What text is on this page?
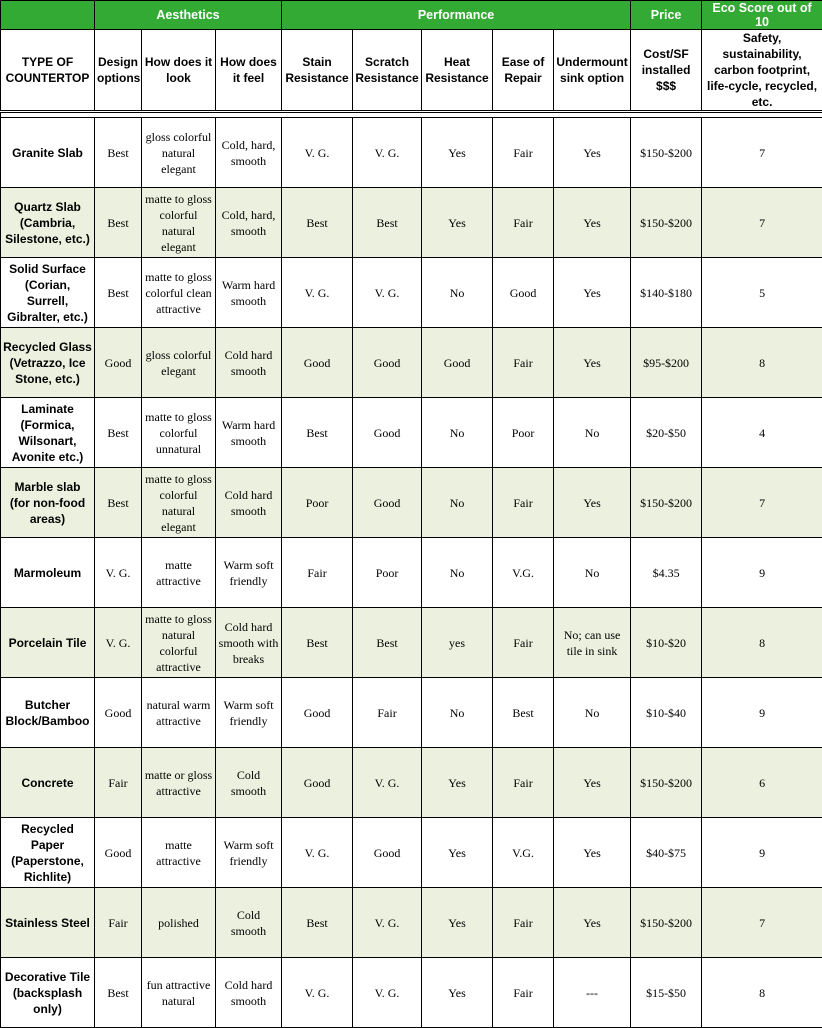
	Aesthetics			Performance					Price	Eco Score out of 10
TYPE OF COUNTERTOP	Design options	How does it look	How does it feel	Stain Resistance	Scratch Resistance	Heat Resistance	Ease of Repair	Undermount sink option	Cost/SF installed $$$	Safety, sustainability, carbon footprint, life-cycle, recycled, etc.

Granite Slab	Best	gloss colorful natural elegant	Cold, hard, smooth	V. G.	V. G.	Yes	Fair	Yes	$150-$200	7
Quartz Slab (Cambria, Silestone, etc.)	Best	matte to gloss colorful natural elegant	Cold, hard, smooth	Best	Best	Yes	Fair	Yes	$150-$200	7
Solid Surface (Corian, Surrell, Gibralter, etc.)	Best	matte to gloss colorful clean attractive	Warm hard smooth	V. G.	V. G.	No	Good	Yes	$140-$180	5
Recycled Glass (Vetrazzo, Ice Stone, etc.)	Good	gloss colorful elegant	Cold hard smooth	Good	Good	Good	Fair	Yes	$95-$200	8
Laminate (Formica, Wilsonart, Avonite etc.)	Best	matte to gloss colorful unnatural	Warm hard smooth	Best	Good	No	Poor	No	$20-$50	4
Marble slab (for non-food areas)	Best	matte to gloss colorful natural elegant	Cold hard smooth	Poor	Good	No	Fair	Yes	$150-$200	7
Marmoleum	V. G.	matte attractive	Warm soft friendly	Fair	Poor	No	V.G.	No	$4.35	9
Porcelain Tile	V. G.	matte to gloss natural colorful attractive	Cold hard smooth with breaks	Best	Best	yes	Fair	No; can use tile in sink	$10-$20	8
Butcher Block/Bamboo	Good	natural warm attractive	Warm soft friendly	Good	Fair	No	Best	No	$10-$40	9
Concrete	Fair	matte or gloss attractive	Cold smooth	Good	V. G.	Yes	Fair	Yes	$150-$200	6
Recycled Paper (Paperstone, Richlite)	Good	matte attractive	Warm soft friendly	V. G.	Good	Yes	V.G.	Yes	$40-$75	9
Stainless Steel	Fair	polished	Cold smooth	Best	V. G.	Yes	Fair	Yes	$150-$200	7
Decorative Tile (backsplash only)	Best	fun attractive natural	Cold hard smooth	V. G.	V. G.	Yes	Fair	---	$15-$50	8
